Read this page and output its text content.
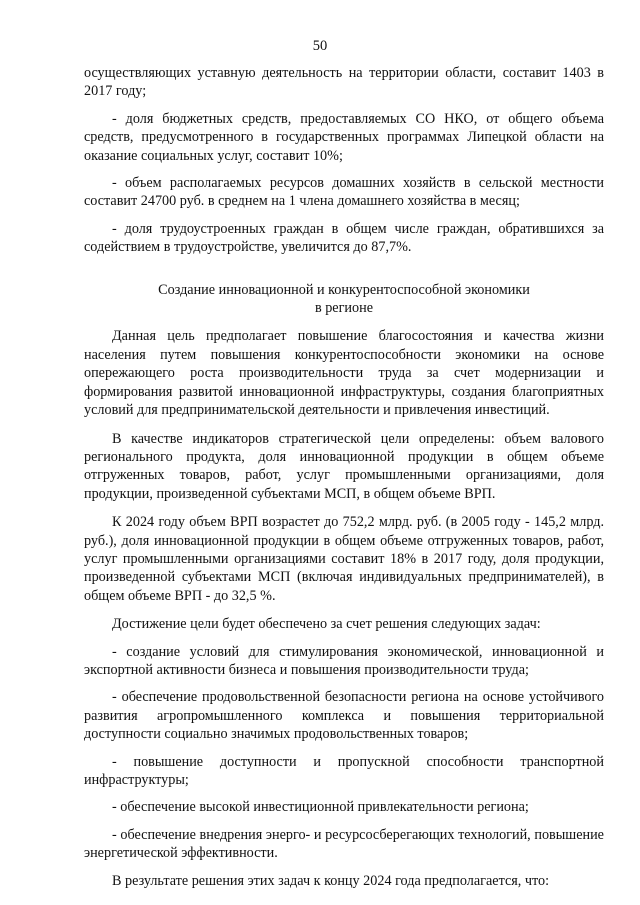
50

осуществляющих уставную деятельность на территории области, составит 1403 в 2017 году;

- доля бюджетных средств, предоставляемых СО НКО, от общего объема средств, предусмотренного в государственных программах Липецкой области на оказание социальных услуг, составит 10%;

- объем располагаемых ресурсов домашних хозяйств в сельской местности составит 24700 руб. в среднем на 1 члена домашнего хозяйства в месяц;

- доля трудоустроенных граждан в общем числе граждан, обратившихся за содействием в трудоустройстве, увеличится до 87,7%.

Создание инновационной и конкурентоспособной экономики
в регионе

Данная цель предполагает повышение благосостояния и качества жизни населения путем повышения конкурентоспособности экономики на основе опережающего роста производительности труда за счет модернизации и формирования развитой инновационной инфраструктуры, создания благоприятных условий для предпринимательской деятельности и привлечения инвестиций.

В качестве индикаторов стратегической цели определены: объем валового регионального продукта, доля инновационной продукции в общем объеме отгруженных товаров, работ, услуг промышленными организациями, доля продукции, произведенной субъектами МСП, в общем объеме ВРП.

К 2024 году объем ВРП возрастет до 752,2 млрд. руб. (в 2005 году - 145,2 млрд. руб.), доля инновационной продукции в общем объеме отгруженных товаров, работ, услуг промышленными организациями составит 18% в 2017 году, доля продукции, произведенной субъектами МСП (включая индивидуальных предпринимателей), в общем объеме ВРП - до 32,5 %.

Достижение цели будет обеспечено за счет решения следующих задач:

- создание условий для стимулирования экономической, инновационной и экспортной активности бизнеса и повышения производительности труда;

- обеспечение продовольственной безопасности региона на основе устойчивого развития агропромышленного комплекса и повышения территориальной доступности социально значимых продовольственных товаров;

- повышение доступности и пропускной способности транспортной инфраструктуры;

- обеспечение высокой инвестиционной привлекательности региона;

- обеспечение внедрения энерго- и ресурсосберегающих технологий, повышение энергетической эффективности.

В результате решения этих задач к концу 2024 года предполагается, что:
